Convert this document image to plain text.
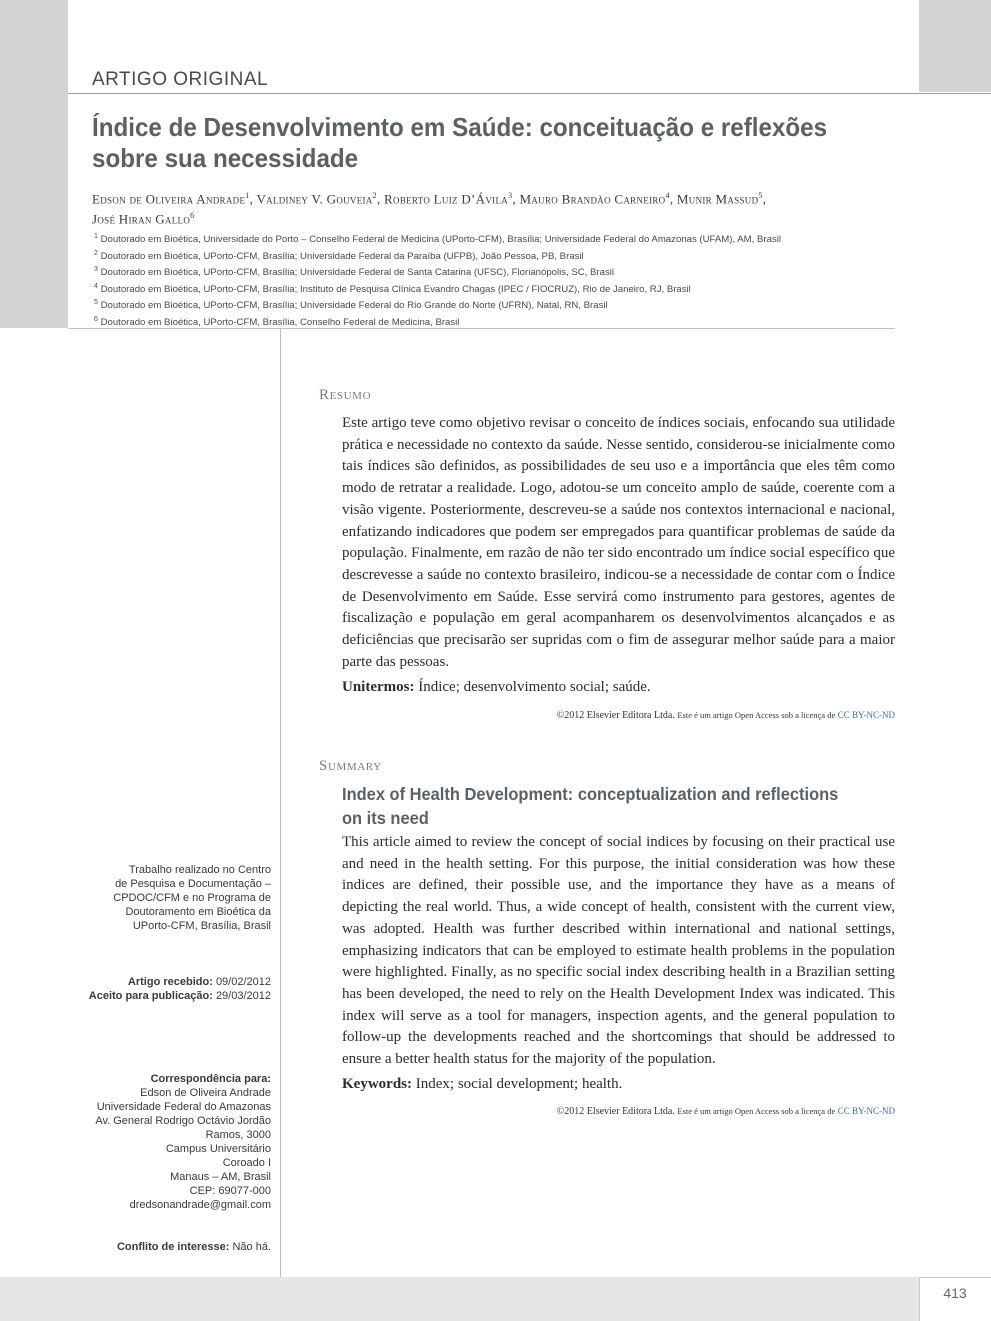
ARTIGO ORIGINAL
Índice de Desenvolvimento em Saúde: conceituação e reflexões sobre sua necessidade
Edson de Oliveira Andrade$^1$, Valdiney V. Gouveia$^2$, Roberto Luiz D’Ávila$^3$, Mauro Brandão Carneiro$^4$, Munir Massud$^5$,
José Hiran Gallo$^6$
$^1$ Doutorado em Bioética, Universidade do Porto – Conselho Federal de Medicina (UPorto-CFM), Brasília; Universidade Federal do Amazonas (UFAM), AM, Brasil
$^2$ Doutorado em Bioética, UPorto-CFM, Brasília; Universidade Federal da Paraíba (UFPB), João Pessoa, PB, Brasil
$^3$ Doutorado em Bioética, UPorto-CFM, Brasília; Universidade Federal de Santa Catarina (UFSC), Florianópolis, SC, Brasil
$^4$ Doutorado em Bioética, UPorto-CFM, Brasília; Instituto de Pesquisa Clínica Evandro Chagas (IPEC / FIOCRUZ), Rio de Janeiro, RJ, Brasil
$^5$ Doutorado em Bioética, UPorto-CFM, Brasília; Universidade Federal do Rio Grande do Norte (UFRN), Natal, RN, Brasil
$^6$ Doutorado em Bioética, UPorto-CFM, Brasília, Conselho Federal de Medicina, Brasil
Resumo

Este artigo teve como objetivo revisar o conceito de índices sociais, enfocando sua utilidade prática e necessidade no contexto da saúde. Nesse sentido, considerou-se inicialmente como tais índices são definidos, as possibilidades de seu uso e a importância que eles têm como modo de retratar a realidade. Logo, adotou-se um conceito amplo de saúde, coerente com a visão vigente. Posteriormente, descreveu-se a saúde nos contextos internacional e nacional, enfatizando indicadores que podem ser empregados para quantificar problemas de saúde da população. Finalmente, em razão de não ter sido encontrado um índice social específico que descrevesse a saúde no contexto brasileiro, indicou-se a necessidade de contar com o Índice de Desenvolvimento em Saúde. Esse servirá como instrumento para gestores, agentes de fiscalização e população em geral acompanharem os desenvolvimentos alcançados e as deficiências que precisarão ser supridas com o fim de assegurar melhor saúde para a maior parte das pessoas.

Unitermos: Índice; desenvolvimento social; saúde.
©2012 Elsevier Editora Ltda. Este é um artigo Open Access sob a licença de CC BY-NC-ND
Summary
Index of Health Development: conceptualization and reflections on its need

This article aimed to review the concept of social indices by focusing on their practical use and need in the health setting. For this purpose, the initial consideration was how these indices are defined, their possible use, and the importance they have as a means of depicting the real world. Thus, a wide concept of health, consistent with the current view, was adopted. Health was further described within international and national settings, emphasizing indicators that can be employed to estimate health problems in the population were highlighted. Finally, as no specific social index describing health in a Brazilian setting has been developed, the need to rely on the Health Development Index was indicated. This index will serve as a tool for managers, inspection agents, and the general population to follow-up the developments reached and the shortcomings that should be addressed to ensure a better health status for the majority of the population.

Keywords: Index; social development; health.
©2012 Elsevier Editora Ltda. Este é um artigo Open Access sob a licença de CC BY-NC-ND
Trabalho realizado no Centro
de Pesquisa e Documentação –
CPDOC/CFM e no Programa de
Doutoramento em Bioética da
UPorto-CFM, Brasília, Brasil
Artigo recebido: 09/02/2012
Aceito para publicação: 29/03/2012
Correspondência para:
Edson de Oliveira Andrade
Universidade Federal do Amazonas
Av. General Rodrigo Octávio Jordão
Ramos, 3000
Campus Universitário
Coroado I
Manaus – AM, Brasil
CEP: 69077-000
dredsonandrade@gmail.com
Conflito de interesse: Não há.
413
